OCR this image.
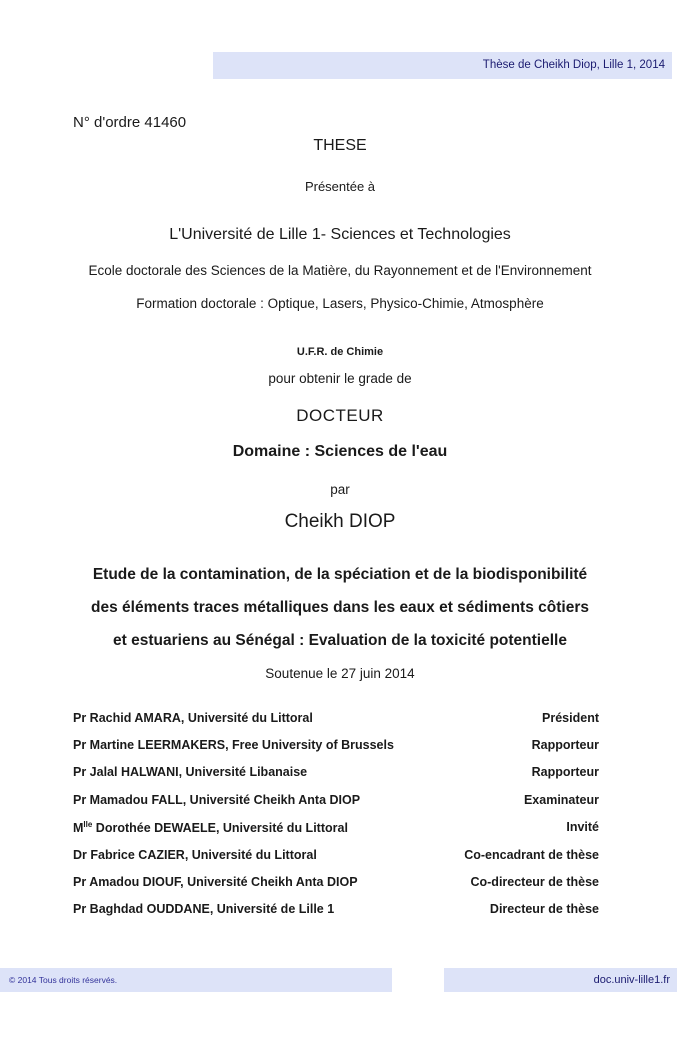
Thèse de Cheikh Diop, Lille 1, 2014
N° d'ordre 41460
THESE
Présentée à
L'Université de Lille 1- Sciences et Technologies
Ecole doctorale des Sciences de la Matière, du Rayonnement et de l'Environnement
Formation doctorale : Optique, Lasers, Physico-Chimie, Atmosphère
U.F.R. de Chimie
pour obtenir le grade de
DOCTEUR
Domaine : Sciences de l'eau
par
Cheikh DIOP
Etude de la contamination, de la spéciation et de la biodisponibilité
des éléments traces métalliques dans les eaux et sédiments côtiers
et estuariens au Sénégal : Evaluation de la toxicité potentielle
Soutenue le 27 juin 2014
Pr Rachid AMARA, Université du Littoral	Président
Pr Martine LEERMAKERS, Free University of Brussels	Rapporteur
Pr Jalal HALWANI, Université Libanaise	Rapporteur
Pr Mamadou FALL, Université Cheikh Anta DIOP	Examinateur
$M^{lle}$ Dorothée DEWAELE, Université du Littoral	Invité
Dr Fabrice CAZIER, Université du Littoral	Co-encadrant de thèse
Pr Amadou DIOUF, Université Cheikh Anta DIOP	Co-directeur de thèse
Pr Baghdad OUDDANE, Université de Lille 1	Directeur de thèse
© 2014 Tous droits réservés.	doc.univ-lille1.fr
